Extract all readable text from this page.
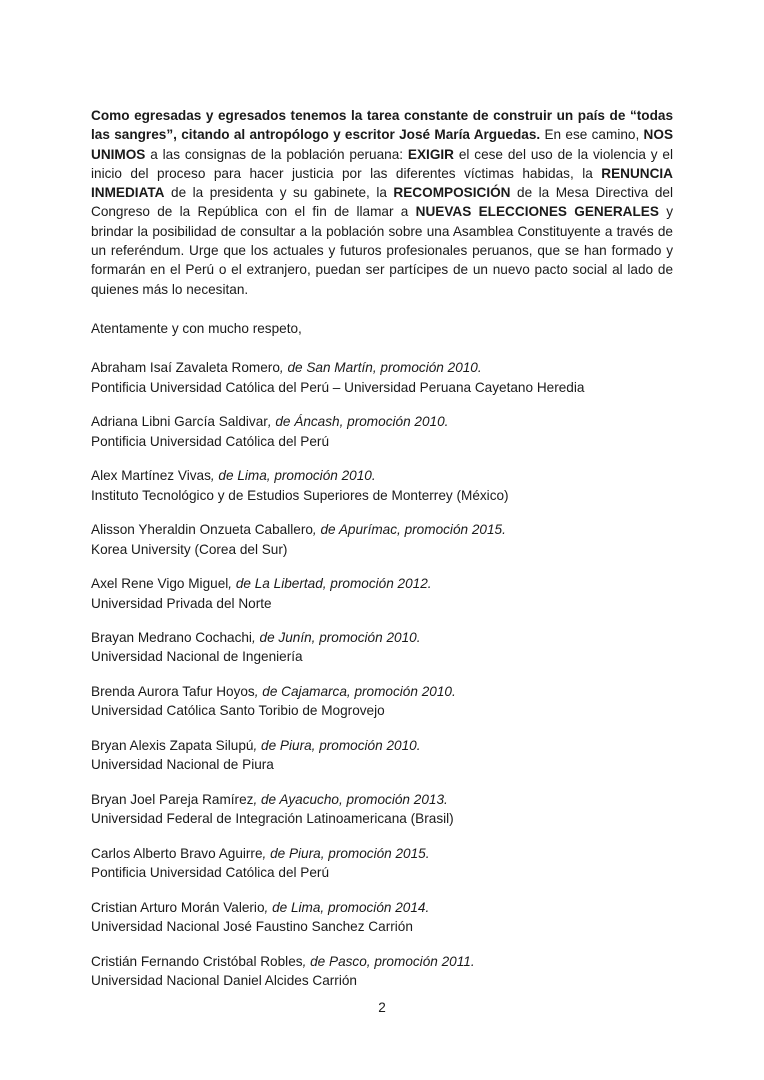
Como egresadas y egresados tenemos la tarea constante de construir un país de “todas las sangres”, citando al antropólogo y escritor José María Arguedas. En ese camino, NOS UNIMOS a las consignas de la población peruana: EXIGIR el cese del uso de la violencia y el inicio del proceso para hacer justicia por las diferentes víctimas habidas, la RENUNCIA INMEDIATA de la presidenta y su gabinete, la RECOMPOSICIÓN de la Mesa Directiva del Congreso de la República con el fin de llamar a NUEVAS ELECCIONES GENERALES y brindar la posibilidad de consultar a la población sobre una Asamblea Constituyente a través de un referéndum. Urge que los actuales y futuros profesionales peruanos, que se han formado y formarán en el Perú o el extranjero, puedan ser partícipes de un nuevo pacto social al lado de quienes más lo necesitan.

Atentamente y con mucho respeto,

Abraham Isaí Zavaleta Romero, de San Martín, promoción 2010.
Pontificia Universidad Católica del Perú – Universidad Peruana Cayetano Heredia
Adriana Libni García Saldivar, de Áncash, promoción 2010.
Pontificia Universidad Católica del Perú
Alex Martínez Vivas, de Lima, promoción 2010.
Instituto Tecnológico y de Estudios Superiores de Monterrey (México)
Alisson Yheraldin Onzueta Caballero, de Apurímac, promoción 2015.
Korea University (Corea del Sur)
Axel Rene Vigo Miguel, de La Libertad, promoción 2012.
Universidad Privada del Norte
Brayan Medrano Cochachi, de Junín, promoción 2010.
Universidad Nacional de Ingeniería
Brenda Aurora Tafur Hoyos, de Cajamarca, promoción 2010.
Universidad Católica Santo Toribio de Mogrovejo
Bryan Alexis Zapata Silupú, de Piura, promoción 2010.
Universidad Nacional de Piura
Bryan Joel Pareja Ramírez, de Ayacucho, promoción 2013.
Universidad Federal de Integración Latinoamericana (Brasil)
Carlos Alberto Bravo Aguirre, de Piura, promoción 2015.
Pontificia Universidad Católica del Perú
Cristian Arturo Morán Valerio, de Lima, promoción 2014.
Universidad Nacional José Faustino Sanchez Carrión
Cristián Fernando Cristóbal Robles, de Pasco, promoción 2011.
Universidad Nacional Daniel Alcides Carrión
2
